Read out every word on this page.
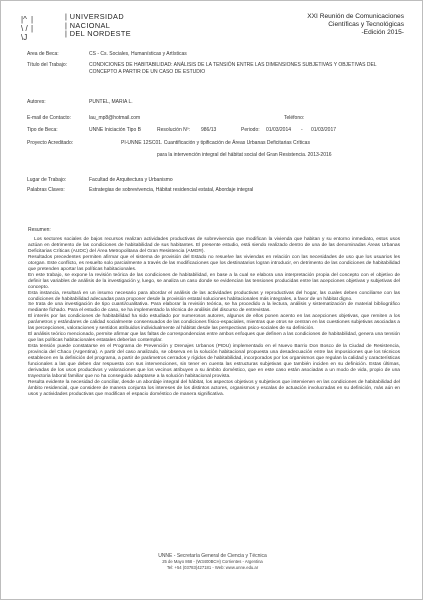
|^
\ /
\J
|
|
| UNIVERSIDAD
| NACIONAL
| DEL NORDESTE
XXI Reunión de Comunicaciones
Científicas y Tecnológicas
-Edición 2015-
Area de Beca:	CS - Cs. Sociales, Humanísticas y Artísticas
Título del Trabajo:	CONDICIONES DE HABITABILIDAD: ANÁLISIS DE LA TENSIÓN ENTRE LAS DIMENSIONES SUBJETIVAS Y OBJETIVAS DEL CONCEPTO A PARTIR DE UN CASO DE ESTUDIO
Autores:	PUNTEL, MARIA L.
E-mail de Contacto:	lau_mp8@hotmail.com	Teléfono:
Tipo de Beca:	UNNE Iniciación Tipo B	Resolución Nº: 986/13	Periodo: 01/03/2014 - 01/03/2017
Proyecto Acreditado:	PI-UNNE 12SC01. Cuantificación y tipificación de Áreas Urbanas Deficitarias Críticas
para la intervención integral del hábitat social del Gran Resistencia. 2013-2016
Lugar de Trabajo:	Facultad de Arquitectura y Urbanismo
Palabras Claves:	Estrategias de sobrevivencia, Hábitat residencial estatal, Abordaje integral
Resumen:

Los sectores sociales de bajos recursos realizan actividades productivas de sobrevivencia que modifican la vivienda que habitan y su entorno inmediato, estos usos actúan en detrimento de las condiciones de habitabilidad de sus habitantes. El presente estudio, está siendo realizado dentro de una de las denominadas Áreas Urbanas Deficitarias Críticas (AUDC) del Área Metropolitana del Gran Resistencia (AMGR).

Resultados precedentes permiten afirmar que el sistema de provisión del Estado no resuelve las viviendas en relación con las necesidades de uso que los usuarios les otorgan. Este conflicto, es resuelto solo parcialmente a través de las modificaciones que los destinatarios logran introducir, en detrimento de las condiciones de habitabilidad que pretenden aportar las políticas habitacionales.

En este trabajo, se expone la revisión teórica de las condiciones de habitabilidad, en base a la cual se elabora una interpretación propia del concepto con el objetivo de definir las variables de análisis de la investigación y, luego, se analiza un caso donde se evidencian las tensiones producidas entre las acepciones objetivas y subjetivas del concepto.

Esta instancia, resultará en un insumo necesario para abordar el análisis de las actividades productivas y reproductivas del hogar, las cuales deben conciliarse con las condiciones de habitabilidad adecuadas para proponer desde la provisión estatal soluciones habitacionales más integrales, a favor de un hábitat digno.

Se trata de una investigación de tipo cuanti/cualitativa. Para elaborar la revisión teórica, se ha procedido a la lectura, análisis y sistematización de material bibliográfico mediante fichado. Para el estudio de caso, se ha implementado la técnica de análisis del discurso de entrevistas.

El interés por las condiciones de habitabilidad ha sido estudiado por numerosos autores, algunos de ellos ponen acento en las acepciones objetivas, que remiten a los parámetros y estándares de calidad socialmente consensuados de las condiciones físico-espaciales, mientras que otros se centran en las cuestiones subjetivas asociadas a las percepciones, valoraciones y sentidos atribuidos individualmente al hábitat desde las perspectivas psico-sociales de su definición.

El análisis teórico mencionado, permite afirmar que las faltas de correspondencias entre ambos enfoques que definen a las condiciones de habitabilidad, genera una tensión que las políticas habitacionales estatales deberían contemplar.

Esta tensión puede constatarse en el Programa de Prevención y Drenajes Urbanos (PIDU) implementado en el Nuevo Barrio Don Bosco de la Ciudad de Resistencia, provincia del Chaco (Argentina). A partir del caso analizado, se observa en la solución habitacional propuesta una desadecuación entre las imposiciones que los técnicos establecen en la definición del programa, a partir de parámetros cerrados y rígidos de habitabilidad, incorporados por los organismos que regulan la calidad y características funcionales a las que deben dar respuesta con sus intervenciones, sin tener en cuenta las estructuras subjetivas que también inciden en su definición. Estas últimas, derivadas de los usos productivos y valoraciones que los vecinos atribuyen a su ámbito doméstico, que en este caso están asociadas a un modo de vida, propio de una trayectoria laboral familiar que no ha conseguido adaptarse a la solución habitacional provista.

Resulta evidente la necesidad de conciliar, desde un abordaje integral del hábitat, los aspectos objetivos y subjetivos que intervienen en las condiciones de habitabilidad del ámbito residencial, que considere de manera conjunta los intereses de los distintos actores, organismos y escalas de actuación involucradas en su definición, más aún en usos y actividades productivas que modifican el espacio doméstico de manera significativa.

UNNE - Secretaría General de Ciencia y Técnica
25 de Mayo 868 - (W3400BCH) Corrientes - Argentina
Tel: +54 (03783)427181 - Web: www.unne.edu.ar
